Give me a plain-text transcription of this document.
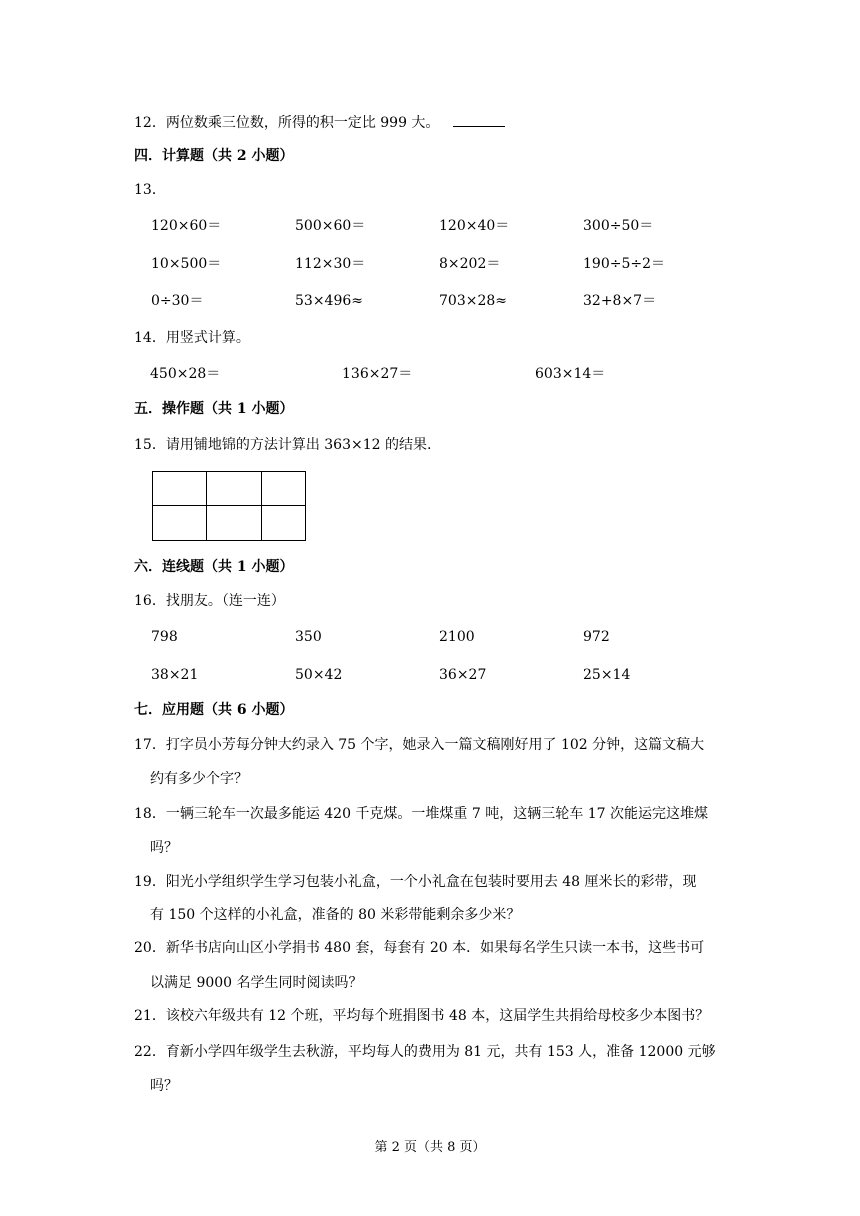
12．两位数乘三位数，所得的积一定比 999 大。
四．计算题（共 2 小题）
13．
120×60＝	500×60＝	120×40＝	300÷50＝
10×500＝	112×30＝	8×202＝	190÷5÷2＝
0÷30＝	53×496≈	703×28≈	32+8×7＝
14．用竖式计算。
450×28＝	136×27＝	603×14＝
五．操作题（共 1 小题）
15．请用铺地锦的方法计算出 363×12 的结果.
六．连线题（共 1 小题）
16．找朋友。（连一连）
798	350	2100	972
38×21	50×42	36×27	25×14
七．应用题（共 6 小题）
17．打字员小芳每分钟大约录入 75 个字，她录入一篇文稿刚好用了 102 分钟，这篇文稿大
约有多少个字？
18．一辆三轮车一次最多能运 420 千克煤。一堆煤重 7 吨，这辆三轮车 17 次能运完这堆煤
吗？
19．阳光小学组织学生学习包装小礼盒，一个小礼盒在包装时要用去 48 厘米长的彩带，现
有 150 个这样的小礼盒，准备的 80 米彩带能剩余多少米？
20．新华书店向山区小学捐书 480 套，每套有 20 本．如果每名学生只读一本书，这些书可
以满足 9000 名学生同时阅读吗？
21．该校六年级共有 12 个班，平均每个班捐图书 48 本，这届学生共捐给母校多少本图书？
22．育新小学四年级学生去秋游，平均每人的费用为 81 元，共有 153 人，准备 12000 元够
吗？
第 2 页（共 8 页）
